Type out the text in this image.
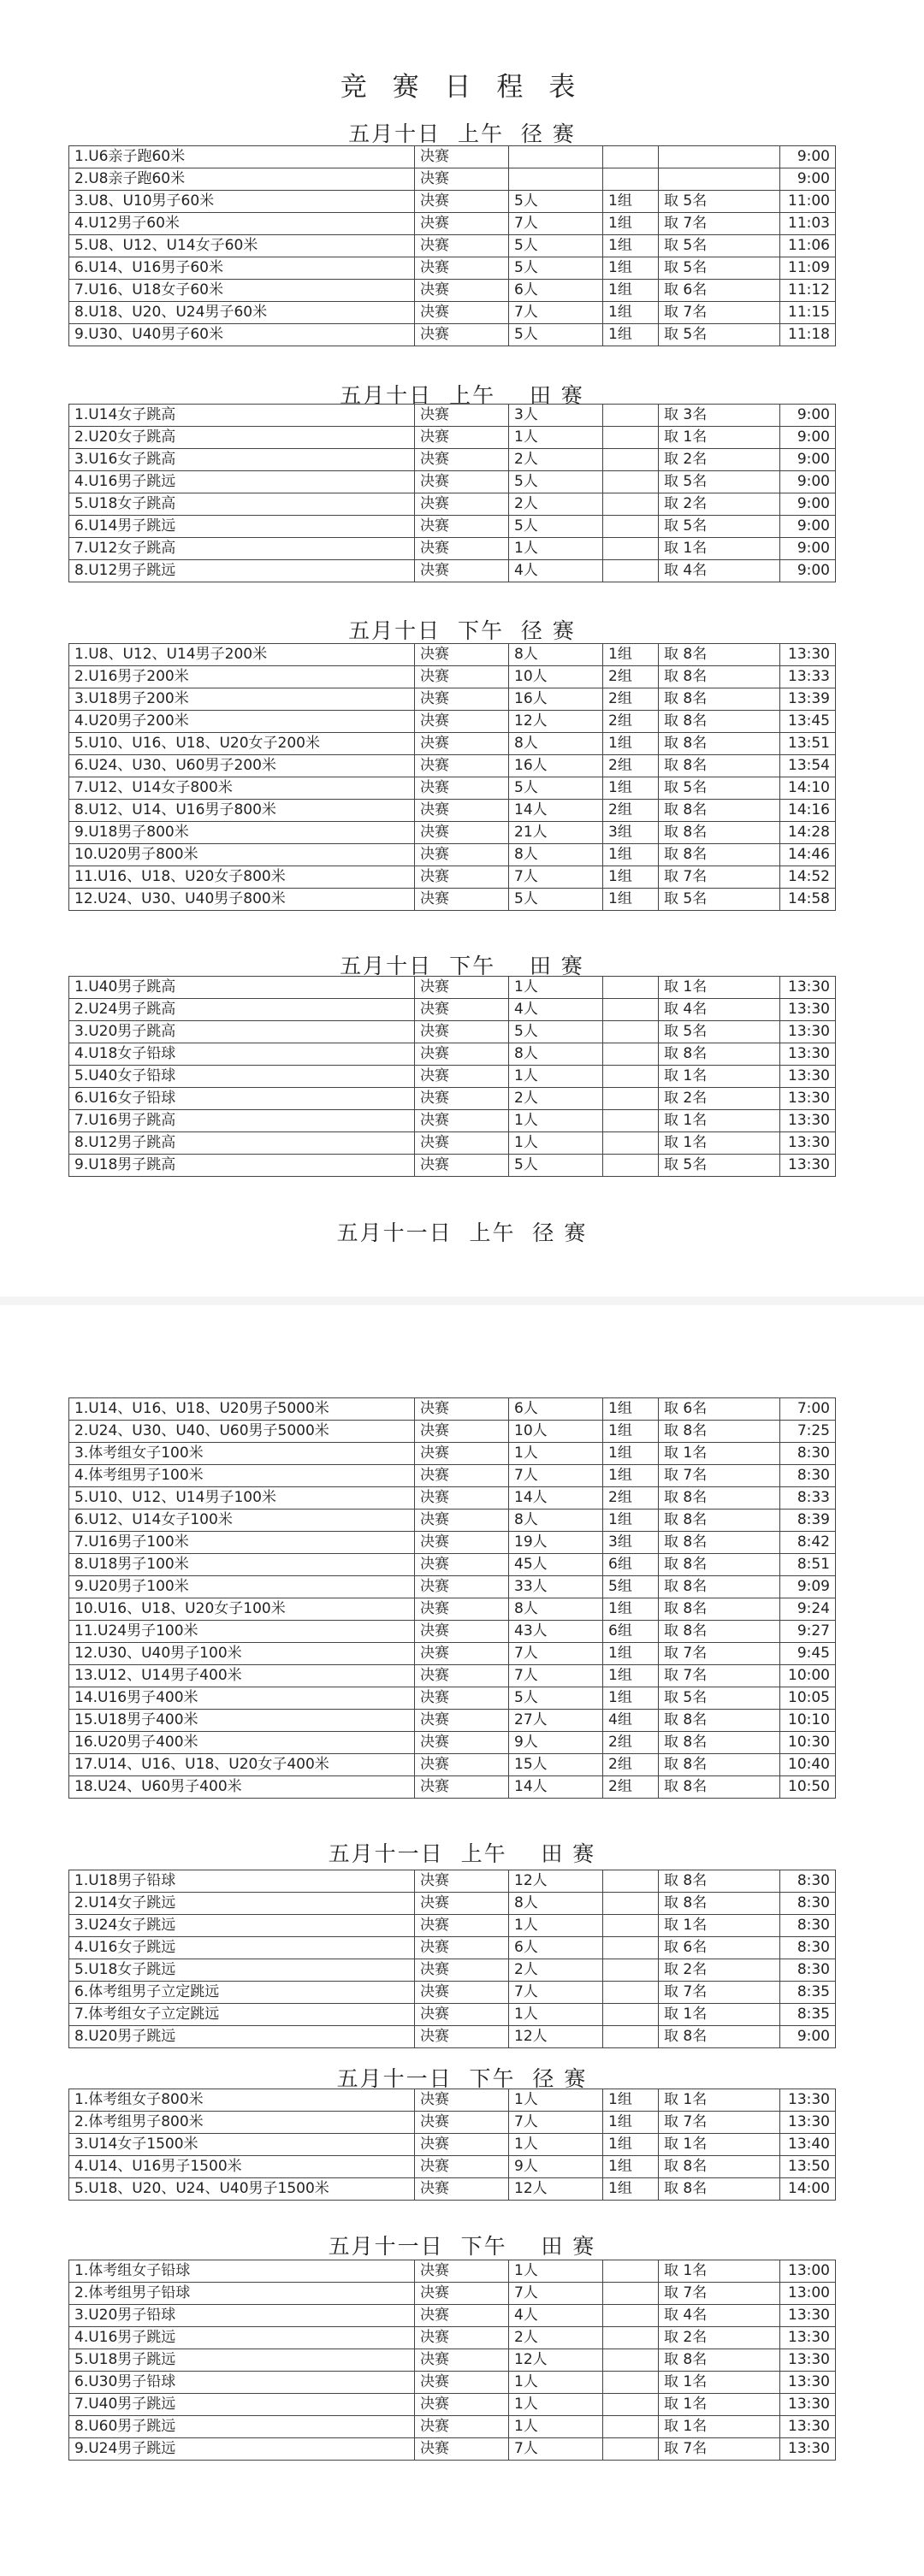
竞 赛 日 程 表
五月十日  上午  径 赛
1.U6亲子跑60米	决赛				9:00
2.U8亲子跑60米	决赛				9:00
3.U8、U10男子60米	决赛	5人	1组	取 5名	11:00
4.U12男子60米	决赛	7人	1组	取 7名	11:03
5.U8、U12、U14女子60米	决赛	5人	1组	取 5名	11:06
6.U14、U16男子60米	决赛	5人	1组	取 5名	11:09
7.U16、U18女子60米	决赛	6人	1组	取 6名	11:12
8.U18、U20、U24男子60米	决赛	7人	1组	取 7名	11:15
9.U30、U40男子60米	决赛	5人	1组	取 5名	11:18
五月十日  上午    田 赛
1.U14女子跳高	决赛	3人		取 3名	9:00
2.U20女子跳高	决赛	1人		取 1名	9:00
3.U16女子跳高	决赛	2人		取 2名	9:00
4.U16男子跳远	决赛	5人		取 5名	9:00
5.U18女子跳高	决赛	2人		取 2名	9:00
6.U14男子跳远	决赛	5人		取 5名	9:00
7.U12女子跳高	决赛	1人		取 1名	9:00
8.U12男子跳远	决赛	4人		取 4名	9:00
五月十日  下午  径 赛
1.U8、U12、U14男子200米	决赛	8人	1组	取 8名	13:30
2.U16男子200米	决赛	10人	2组	取 8名	13:33
3.U18男子200米	决赛	16人	2组	取 8名	13:39
4.U20男子200米	决赛	12人	2组	取 8名	13:45
5.U10、U16、U18、U20女子200米	决赛	8人	1组	取 8名	13:51
6.U24、U30、U60男子200米	决赛	16人	2组	取 8名	13:54
7.U12、U14女子800米	决赛	5人	1组	取 5名	14:10
8.U12、U14、U16男子800米	决赛	14人	2组	取 8名	14:16
9.U18男子800米	决赛	21人	3组	取 8名	14:28
10.U20男子800米	决赛	8人	1组	取 8名	14:46
11.U16、U18、U20女子800米	决赛	7人	1组	取 7名	14:52
12.U24、U30、U40男子800米	决赛	5人	1组	取 5名	14:58
五月十日  下午    田 赛
1.U40男子跳高	决赛	1人		取 1名	13:30
2.U24男子跳高	决赛	4人		取 4名	13:30
3.U20男子跳高	决赛	5人		取 5名	13:30
4.U18女子铅球	决赛	8人		取 8名	13:30
5.U40女子铅球	决赛	1人		取 1名	13:30
6.U16女子铅球	决赛	2人		取 2名	13:30
7.U16男子跳高	决赛	1人		取 1名	13:30
8.U12男子跳高	决赛	1人		取 1名	13:30
9.U18男子跳高	决赛	5人		取 5名	13:30
五月十一日  上午  径 赛
1.U14、U16、U18、U20男子5000米	决赛	6人	1组	取 6名	7:00
2.U24、U30、U40、U60男子5000米	决赛	10人	1组	取 8名	7:25
3.体考组女子100米	决赛	1人	1组	取 1名	8:30
4.体考组男子100米	决赛	7人	1组	取 7名	8:30
5.U10、U12、U14男子100米	决赛	14人	2组	取 8名	8:33
6.U12、U14女子100米	决赛	8人	1组	取 8名	8:39
7.U16男子100米	决赛	19人	3组	取 8名	8:42
8.U18男子100米	决赛	45人	6组	取 8名	8:51
9.U20男子100米	决赛	33人	5组	取 8名	9:09
10.U16、U18、U20女子100米	决赛	8人	1组	取 8名	9:24
11.U24男子100米	决赛	43人	6组	取 8名	9:27
12.U30、U40男子100米	决赛	7人	1组	取 7名	9:45
13.U12、U14男子400米	决赛	7人	1组	取 7名	10:00
14.U16男子400米	决赛	5人	1组	取 5名	10:05
15.U18男子400米	决赛	27人	4组	取 8名	10:10
16.U20男子400米	决赛	9人	2组	取 8名	10:30
17.U14、U16、U18、U20女子400米	决赛	15人	2组	取 8名	10:40
18.U24、U60男子400米	决赛	14人	2组	取 8名	10:50
五月十一日  上午    田 赛
1.U18男子铅球	决赛	12人		取 8名	8:30
2.U14女子跳远	决赛	8人		取 8名	8:30
3.U24女子跳远	决赛	1人		取 1名	8:30
4.U16女子跳远	决赛	6人		取 6名	8:30
5.U18女子跳远	决赛	2人		取 2名	8:30
6.体考组男子立定跳远	决赛	7人		取 7名	8:35
7.体考组女子立定跳远	决赛	1人		取 1名	8:35
8.U20男子跳远	决赛	12人		取 8名	9:00
五月十一日  下午  径 赛
1.体考组女子800米	决赛	1人	1组	取 1名	13:30
2.体考组男子800米	决赛	7人	1组	取 7名	13:30
3.U14女子1500米	决赛	1人	1组	取 1名	13:40
4.U14、U16男子1500米	决赛	9人	1组	取 8名	13:50
5.U18、U20、U24、U40男子1500米	决赛	12人	1组	取 8名	14:00
五月十一日  下午    田 赛
1.体考组女子铅球	决赛	1人		取 1名	13:00
2.体考组男子铅球	决赛	7人		取 7名	13:00
3.U20男子铅球	决赛	4人		取 4名	13:30
4.U16男子跳远	决赛	2人		取 2名	13:30
5.U18男子跳远	决赛	12人		取 8名	13:30
6.U30男子铅球	决赛	1人		取 1名	13:30
7.U40男子跳远	决赛	1人		取 1名	13:30
8.U60男子跳远	决赛	1人		取 1名	13:30
9.U24男子跳远	决赛	7人		取 7名	13:30
